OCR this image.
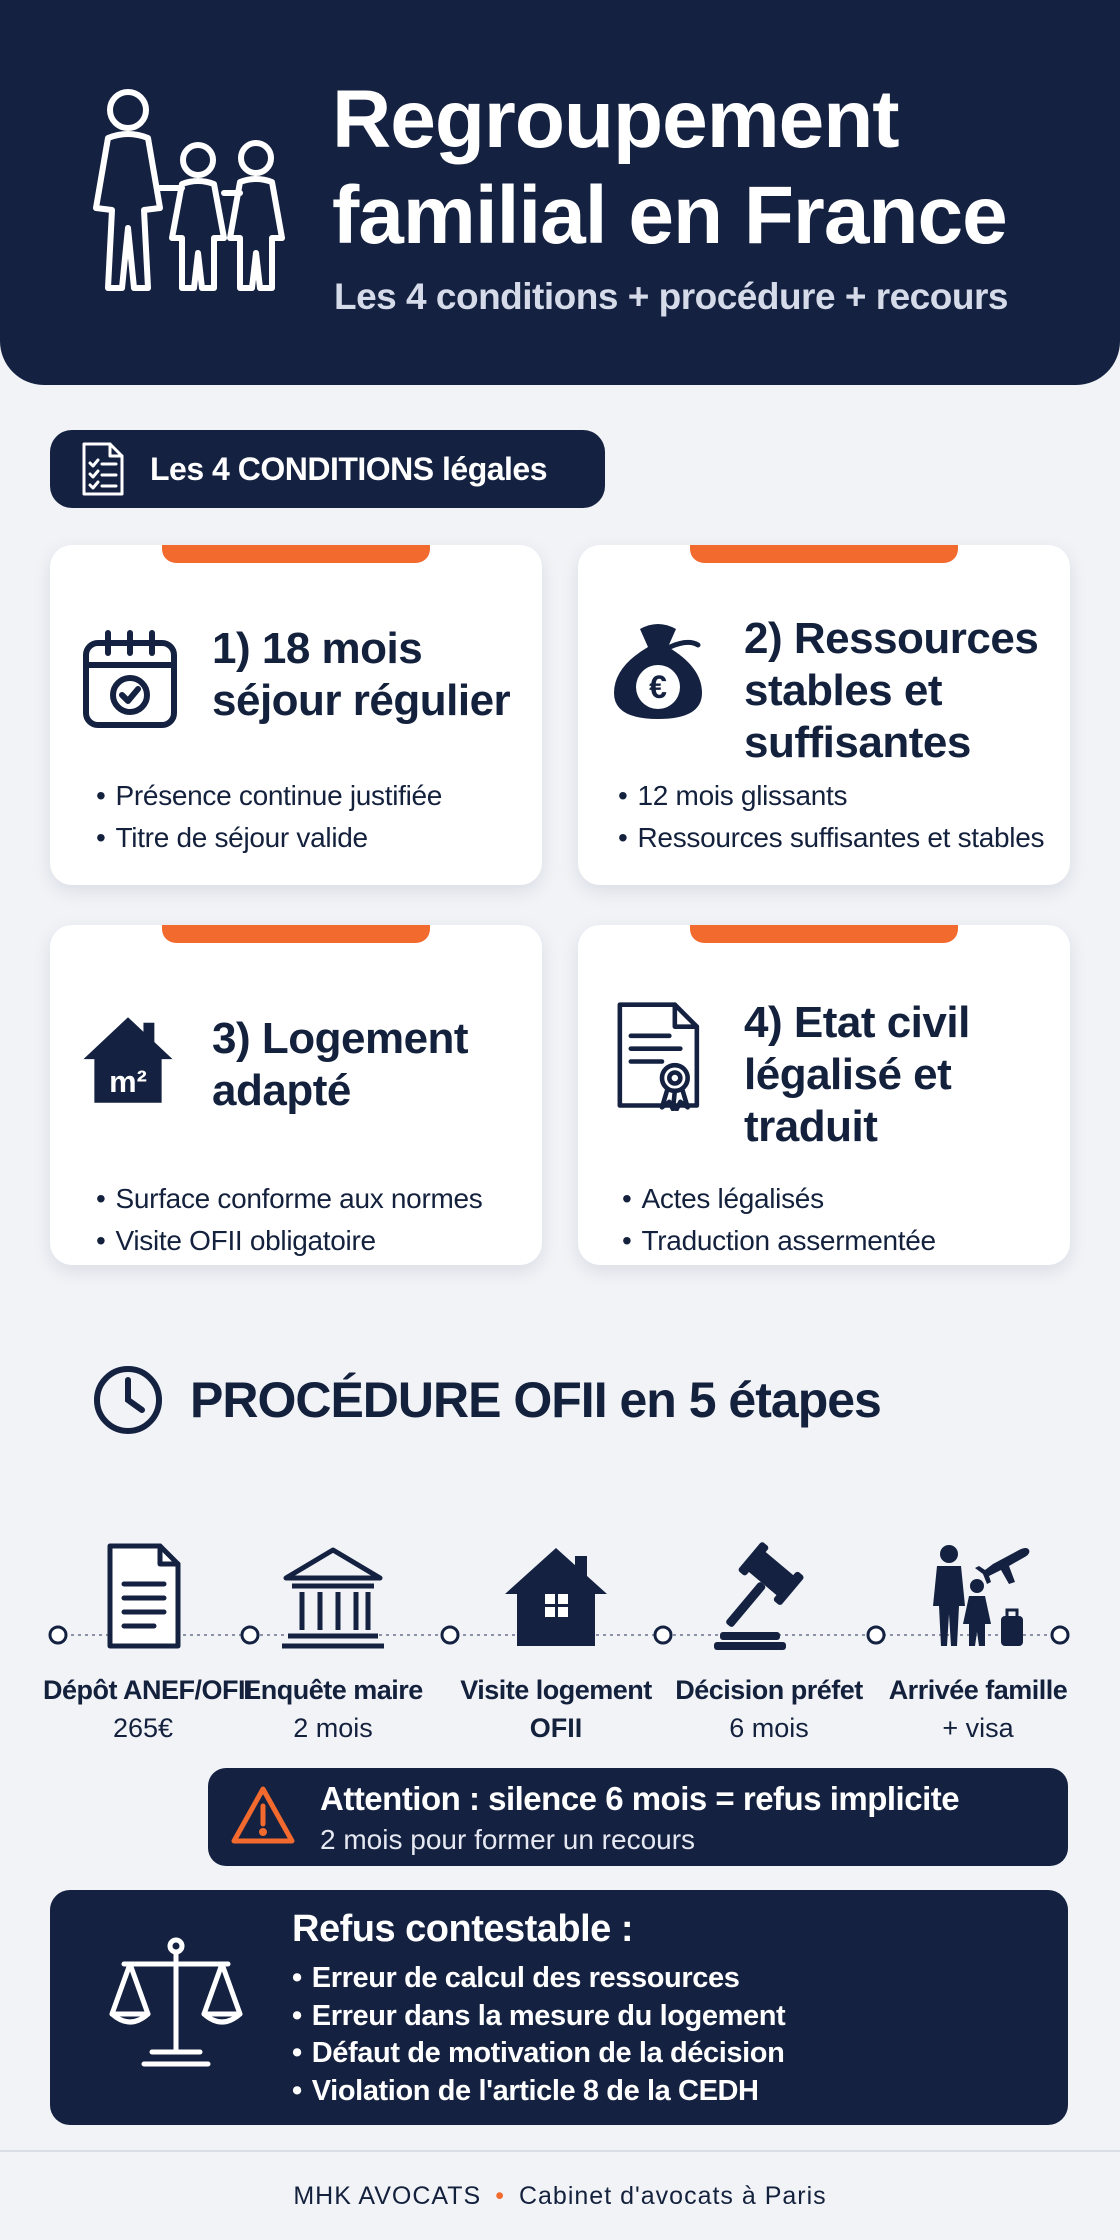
Regroupement familial en France
Les 4 conditions + procédure + recours
Les 4 CONDITIONS légales
1) 18 mois séjour régulier
• Présence continue justifiée
• Titre de séjour valide
€
2) Ressources stables et suffisantes
• 12 mois glissants
• Ressources suffisantes et stables
m²
3) Logement adapté
• Surface conforme aux normes
• Visite OFII obligatoire
4) Etat civil légalisé et traduit
• Actes légalisés
• Traduction assermentée
PROCÉDURE OFII en 5 étapes
Dépôt ANEF/OFII
265€
Enquête maire
2 mois
Visite logement
OFII
Décision préfet
6 mois
Arrivée famille
+ visa
Attention : silence 6 mois = refus implicite
2 mois pour former un recours
Refus contestable :
• Erreur de calcul des ressources
• Erreur dans la mesure du logement
• Défaut de motivation de la décision
• Violation de l'article 8 de la CEDH
MHK AVOCATS • Cabinet d'avocats à Paris
